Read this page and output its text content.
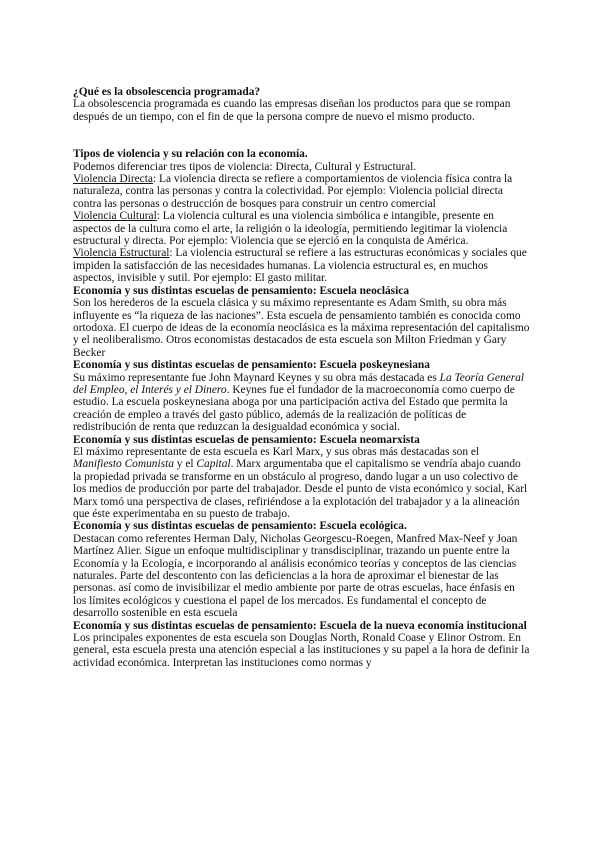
¿Qué es la obsolescencia programada?
La obsolescencia programada es cuando las empresas diseñan los productos para que se rompan después de un tiempo, con el fin de que la persona compre de nuevo el mismo producto.

Tipos de violencia y su relación con la economía.
Podemos diferenciar tres tipos de violencia: Directa, Cultural y Estructural.
Violencia Directa: La violencia directa se refiere a comportamientos de violencia física contra la naturaleza, contra las personas y contra la colectividad. Por ejemplo: Violencia policial directa contra las personas o destrucción de bosques para construir un centro comercial
Violencia Cultural: La violencia cultural es una violencia simbólica e intangible, presente en aspectos de la cultura como el arte, la religión o la ideología, permitiendo legitimar la violencia estructural y directa. Por ejemplo: Violencia que se ejerció en la conquista de América.
Violencia Estructural: La violencia estructural se refiere a las estructuras económicas y sociales que impiden la satisfacción de las necesidades humanas. La violencia estructural es, en muchos aspectos, invisible y sutil. Por ejemplo: El gasto militar.

Economía y sus distintas escuelas de pensamiento: Escuela neoclásica
Son los herederos de la escuela clásica y su máximo representante es Adam Smith, su obra más influyente es “la riqueza de las naciones”. Esta escuela de pensamiento también es conocida como ortodoxa. El cuerpo de ideas de la economía neoclásica es la máxima representación del capitalismo y el neoliberalismo. Otros economistas destacados de esta escuela son Milton Friedman y Gary Becker

Economía y sus distintas escuelas de pensamiento: Escuela poskeynesiana
Su máximo representante fue John Maynard Keynes y su obra más destacada es La Teoría General del Empleo, el Interés y el Dinero. Keynes fue el fundador de la macroeconomía como cuerpo de estudio. La escuela poskeynesiana aboga por una participación activa del Estado que permita la creación de empleo a través del gasto público, además de la realización de políticas de redistribución de renta que reduzcan la desigualdad económica y social.

Economía y sus distintas escuelas de pensamiento: Escuela neomarxista
El máximo representante de esta escuela es Karl Marx, y sus obras más destacadas son el Manifiesto Comunista y el Capital. Marx argumentaba que el capitalismo se vendría abajo cuando la propiedad privada se transforme en un obstáculo al progreso, dando lugar a un uso colectivo de los medios de producción por parte del trabajador. Desde el punto de vista económico y social, Karl Marx tomó una perspectiva de clases, refiriéndose a la explotación del trabajador y a la alineación que éste experimentaba en su puesto de trabajo.

Economía y sus distintas escuelas de pensamiento: Escuela ecológica.
Destacan como referentes Herman Daly, Nicholas Georgescu-Roegen, Manfred Max-Neef y Joan Martínez Alier. Sigue un enfoque multidisciplinar y transdisciplinar, trazando un puente entre la Economía y la Ecología, e incorporando al análisis económico teorías y conceptos de las ciencias naturales. Parte del descontento con las deficiencias a la hora de aproximar el bienestar de las personas. así como de invisibilizar el medio ambiente por parte de otras escuelas, hace énfasis en los límites ecológicos y cuestiona el papel de los mercados. Es fundamental el concepto de desarrollo sostenible en esta escuela

Economía y sus distintas escuelas de pensamiento: Escuela de la nueva economía institucional
Los principales exponentes de esta escuela son Douglas North, Ronald Coase y Elinor Ostrom. En general, esta escuela presta una atención especial a las instituciones y su papel a la hora de definir la actividad económica. Interpretan las instituciones como normas y
